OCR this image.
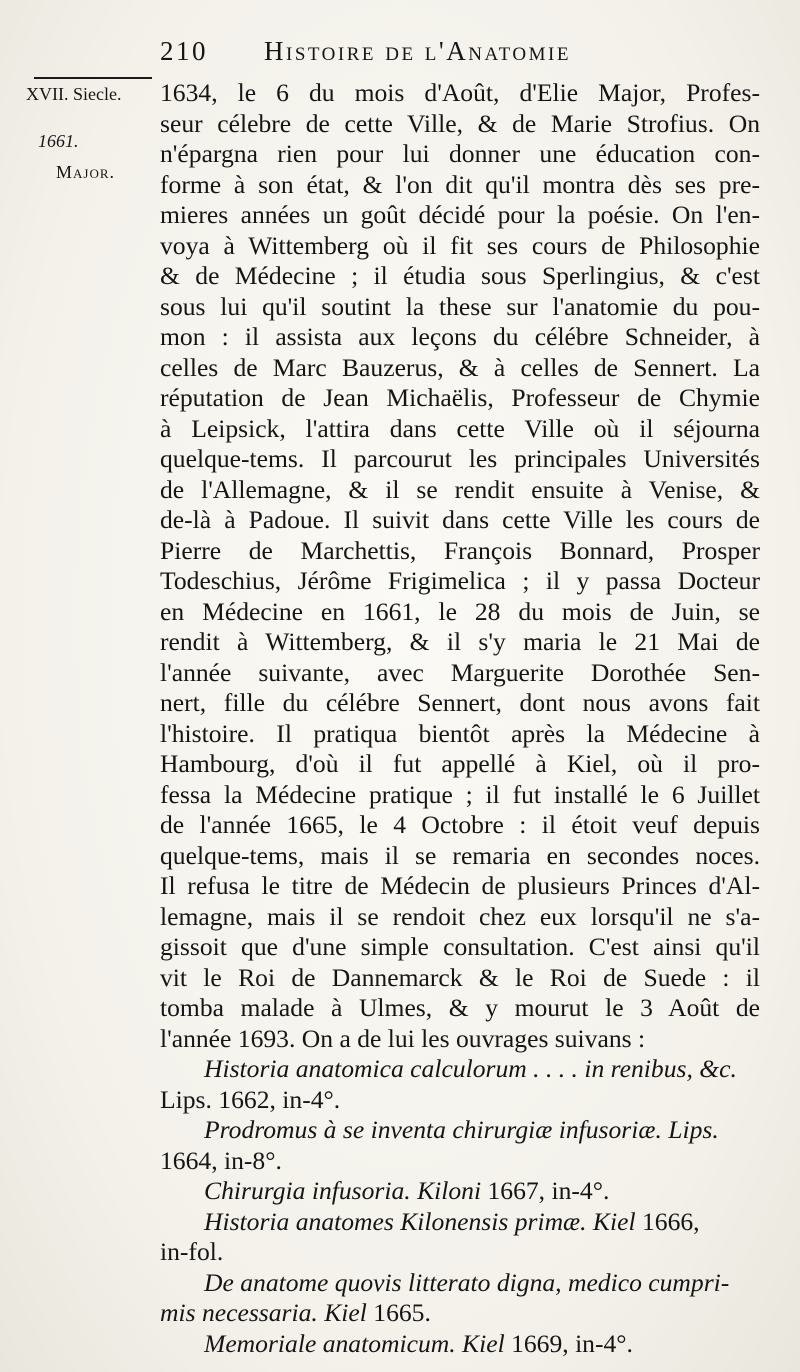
210 Histoire de l'Anatomie
XVII. Siecle.
1661.
Major.
1634, le 6 du mois d'Août, d'Elie Major, Profes-
seur célebre de cette Ville, & de Marie Strofius. On
n'épargna rien pour lui donner une éducation con-
forme à son état, & l'on dit qu'il montra dès ses pre-
mieres années un goût décidé pour la poésie. On l'en-
voya à Wittemberg où il fit ses cours de Philosophie
& de Médecine ; il étudia sous Sperlingius, & c'est
sous lui qu'il soutint la these sur l'anatomie du pou-
mon : il assista aux leçons du célébre Schneider, à
celles de Marc Bauzerus, & à celles de Sennert. La
réputation de Jean Michaëlis, Professeur de Chymie
à Leipsick, l'attira dans cette Ville où il séjourna
quelque-tems. Il parcourut les principales Universités
de l'Allemagne, & il se rendit ensuite à Venise, &
de-là à Padoue. Il suivit dans cette Ville les cours de
Pierre de Marchettis, François Bonnard, Prosper
Todeschius, Jérôme Frigimelica ; il y passa Docteur
en Médecine en 1661, le 28 du mois de Juin, se
rendit à Wittemberg, & il s'y maria le 21 Mai de
l'année suivante, avec Marguerite Dorothée Sen-
nert, fille du célébre Sennert, dont nous avons fait
l'histoire. Il pratiqua bientôt après la Médecine à
Hambourg, d'où il fut appellé à Kiel, où il pro-
fessa la Médecine pratique ; il fut installé le 6 Juillet
de l'année 1665, le 4 Octobre : il étoit veuf depuis
quelque-tems, mais il se remaria en secondes noces.
Il refusa le titre de Médecin de plusieurs Princes d'Al-
lemagne, mais il se rendoit chez eux lorsqu'il ne s'a-
gissoit que d'une simple consultation. C'est ainsi qu'il
vit le Roi de Dannemarck & le Roi de Suede : il
tomba malade à Ulmes, & y mourut le 3 Août de
l'année 1693. On a de lui les ouvrages suivans :
Historia anatomica calculorum . . . . in renibus, &c.
Lips. 1662, in-4°.
Prodromus à se inventa chirurgiæ infusoriæ. Lips.
1664, in-8°.
Chirurgia infusoria. Kiloni 1667, in-4°.
Historia anatomes Kilonensis primæ. Kiel 1666,
in-fol.
De anatome quovis litterato digna, medico cumpri-
mis necessaria. Kiel 1665.
Memoriale anatomicum. Kiel 1669, in-4°.
